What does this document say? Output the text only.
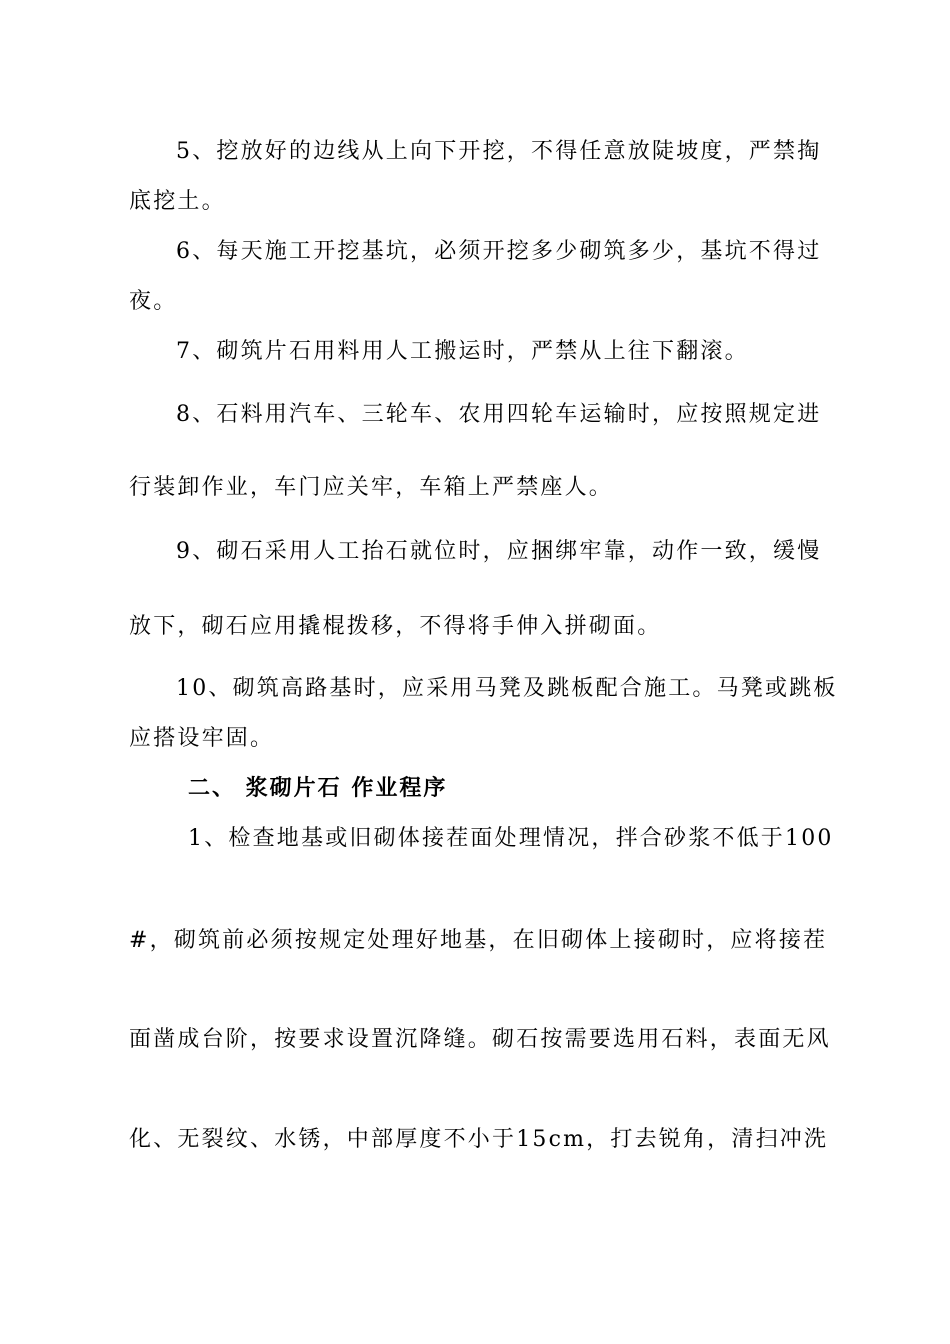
5、挖放好的边线从上向下开挖，不得任意放陡坡度，严禁掏
底挖土。
6、每天施工开挖基坑，必须开挖多少砌筑多少，基坑不得过
夜。
7、砌筑片石用料用人工搬运时，严禁从上往下翻滚。
8、石料用汽车、三轮车、农用四轮车运输时，应按照规定进
行装卸作业，车门应关牢，车箱上严禁座人。
9、砌石采用人工抬石就位时，应捆绑牢靠，动作一致，缓慢
放下，砌石应用撬棍拨移，不得将手伸入拼砌面。
10、砌筑高路基时，应采用马凳及跳板配合施工。马凳或跳板
应搭设牢固。
二、 浆砌片石 作业程序
1、检查地基或旧砌体接茬面处理情况，拌合砂浆不低于100
#，砌筑前必须按规定处理好地基，在旧砌体上接砌时，应将接茬
面凿成台阶，按要求设置沉降缝。砌石按需要选用石料，表面无风
化、无裂纹、水锈，中部厚度不小于15cm，打去锐角，清扫冲洗
